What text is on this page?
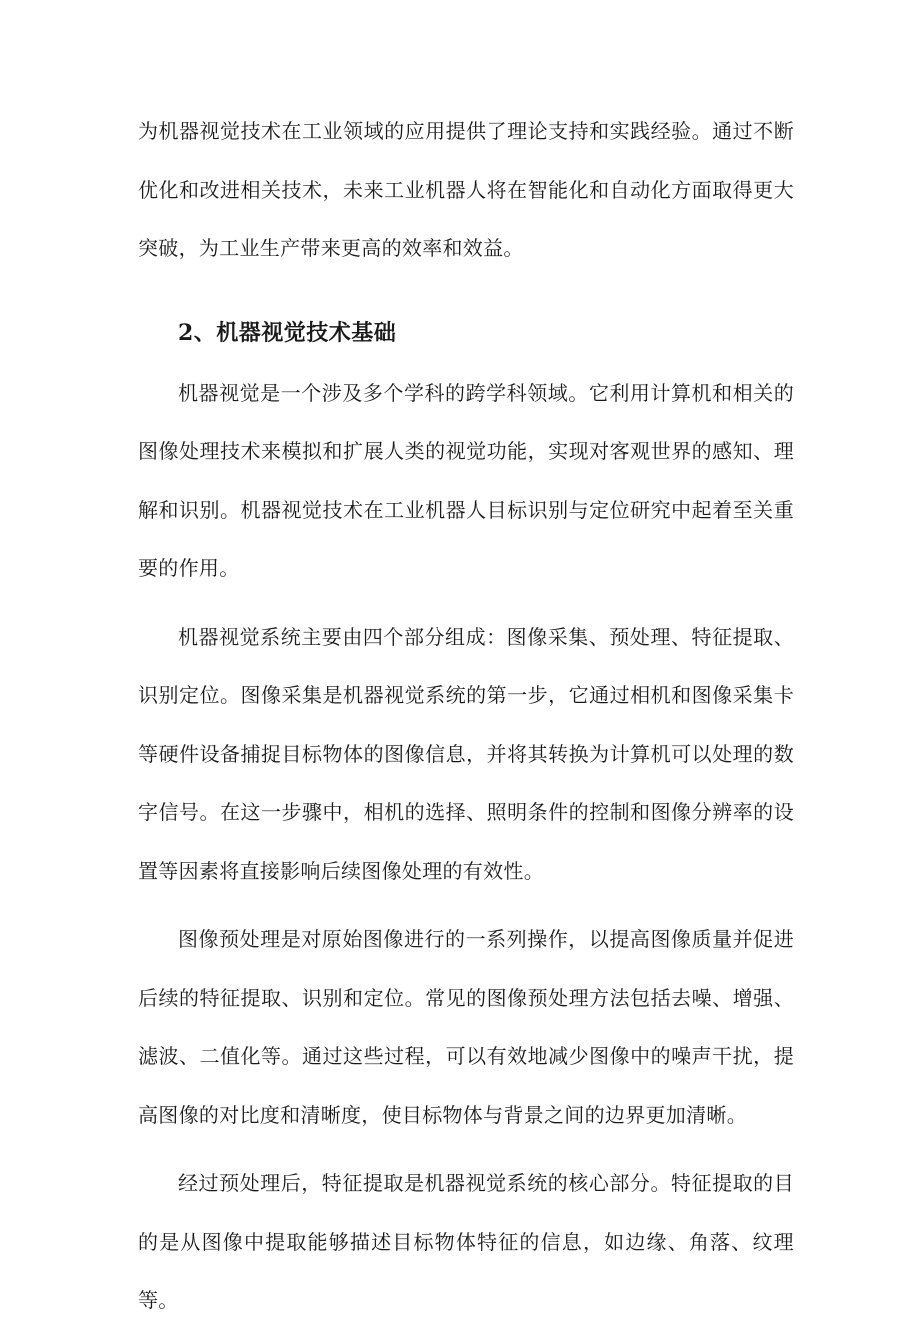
为机器视觉技术在工业领域的应用提供了理论支持和实践经验。通过不断优化和改进相关技术，未来工业机器人将在智能化和自动化方面取得更大突破，为工业生产带来更高的效率和效益。

2、机器视觉技术基础

机器视觉是一个涉及多个学科的跨学科领域。它利用计算机和相关的图像处理技术来模拟和扩展人类的视觉功能，实现对客观世界的感知、理解和识别。机器视觉技术在工业机器人目标识别与定位研究中起着至关重要的作用。

机器视觉系统主要由四个部分组成：图像采集、预处理、特征提取、识别定位。图像采集是机器视觉系统的第一步，它通过相机和图像采集卡等硬件设备捕捉目标物体的图像信息，并将其转换为计算机可以处理的数字信号。在这一步骤中，相机的选择、照明条件的控制和图像分辨率的设置等因素将直接影响后续图像处理的有效性。

图像预处理是对原始图像进行的一系列操作，以提高图像质量并促进后续的特征提取、识别和定位。常见的图像预处理方法包括去噪、增强、滤波、二值化等。通过这些过程，可以有效地减少图像中的噪声干扰，提高图像的对比度和清晰度，使目标物体与背景之间的边界更加清晰。

经过预处理后，特征提取是机器视觉系统的核心部分。特征提取的目的是从图像中提取能够描述目标物体特征的信息，如边缘、角落、纹理等。
